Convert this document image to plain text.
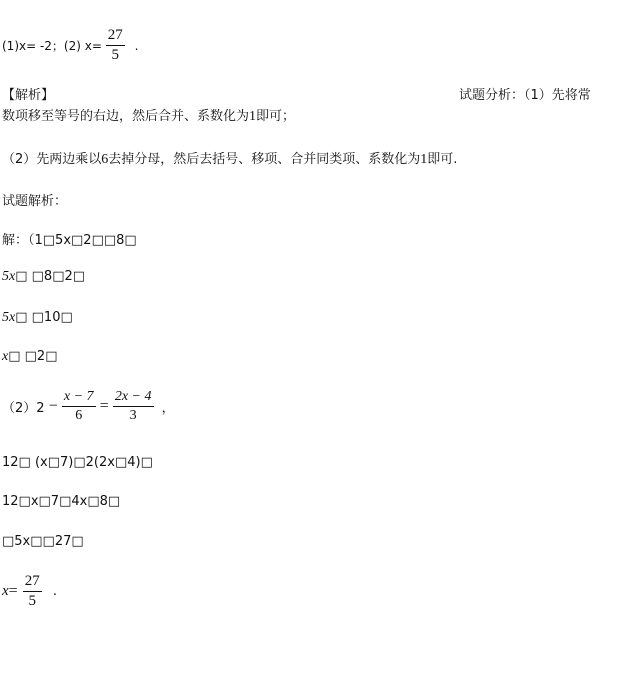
(1)x= -2；(2) $x= \frac{27}{5}$ .
【解析】	试题分析：（1）先将常
数项移至等号的右边，然后合并、系数化为1即可；
（2）先两边乘以6去掉分母，然后去括号、移项、合并同类项、系数化为1即可.
试题解析：
解：（1□5x□2□□8□
5x□ □8□2□
5x□ □10□
x□ □2□
$(2)2 - \frac{x - 7}{6} = \frac{2x - 4}{3}$ ，
12□ (x□7)□2(2x□4)□
12□x□7□4x□8□
□5x□□27□
$x= \frac{27}{5}$ .
